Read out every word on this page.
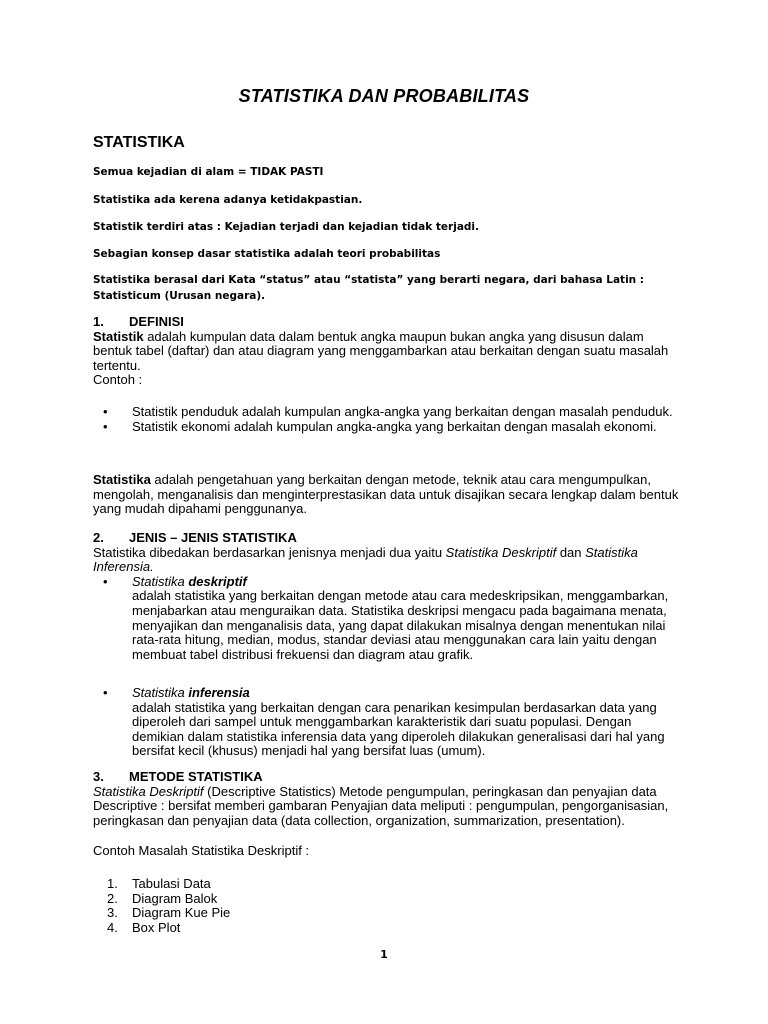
STATISTIKA DAN PROBABILITAS
STATISTIKA

Semua kejadian di alam = TIDAK PASTI

Statistika ada kerena adanya ketidakpastian.

Statistik terdiri atas : Kejadian terjadi dan kejadian tidak terjadi.

Sebagian konsep dasar statistika adalah teori probabilitas

Statistika berasal dari Kata “status” atau “statista” yang berarti negara, dari bahasa Latin : Statisticum (Urusan negara).

1. DEFINISI
Statistik adalah kumpulan data dalam bentuk angka maupun bukan angka yang disusun dalam bentuk tabel (daftar) dan atau diagram yang menggambarkan atau berkaitan dengan suatu masalah tertentu.
Contoh :
• Statistik penduduk adalah kumpulan angka-angka yang berkaitan dengan masalah penduduk.
• Statistik ekonomi adalah kumpulan angka-angka yang berkaitan dengan masalah ekonomi.
Statistika adalah pengetahuan yang berkaitan dengan metode, teknik atau cara mengumpulkan, mengolah, menganalisis dan menginterprestasikan data untuk disajikan secara lengkap dalam bentuk yang mudah dipahami penggunanya.
2. JENIS – JENIS STATISTIKA
Statistika dibedakan berdasarkan jenisnya menjadi dua yaitu Statistika Deskriptif dan Statistika Inferensia.
• Statistika deskriptif
adalah statistika yang berkaitan dengan metode atau cara medeskripsikan, menggambarkan, menjabarkan atau menguraikan data. Statistika deskripsi mengacu pada bagaimana menata, menyajikan dan menganalisis data, yang dapat dilakukan misalnya dengan menentukan nilai rata-rata hitung, median, modus, standar deviasi atau menggunakan cara lain yaitu dengan membuat tabel distribusi frekuensi dan diagram atau grafik.
• Statistika inferensia
adalah statistika yang berkaitan dengan cara penarikan kesimpulan berdasarkan data yang diperoleh dari sampel untuk menggambarkan karakteristik dari suatu populasi. Dengan demikian dalam statistika inferensia data yang diperoleh dilakukan generalisasi dari hal yang bersifat kecil (khusus) menjadi hal yang bersifat luas (umum).
3. METODE STATISTIKA
Statistika Deskriptif (Descriptive Statistics) Metode pengumpulan, peringkasan dan penyajian data Descriptive : bersifat memberi gambaran Penyajian data meliputi : pengumpulan, pengorganisasian, peringkasan dan penyajian data (data collection, organization, summarization, presentation).
Contoh Masalah Statistika Deskriptif :
1. Tabulasi Data
2. Diagram Balok
3. Diagram Kue Pie
4. Box Plot

1
